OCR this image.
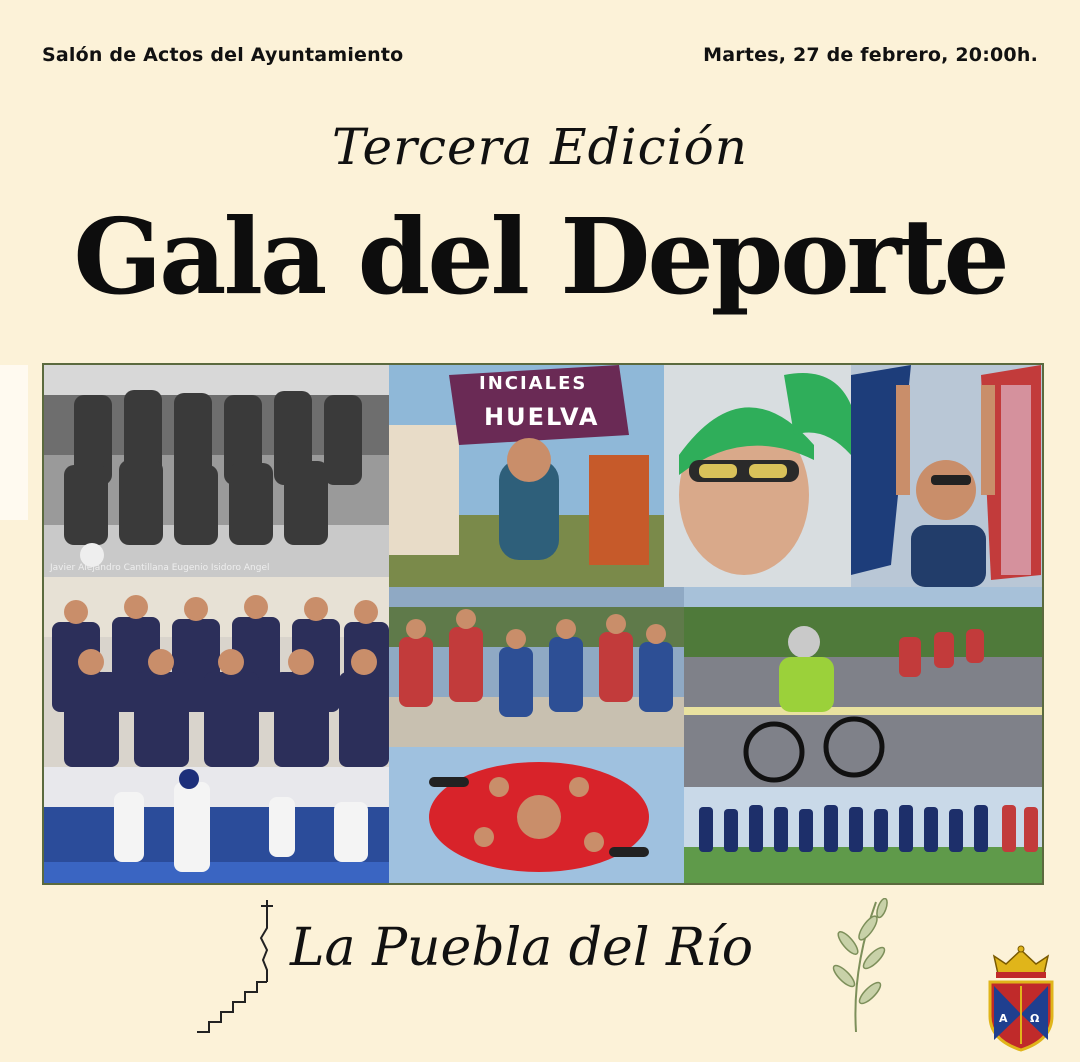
Salón de Actos del Ayuntamiento	Martes, 27 de febrero, 20:00h.
Tercera Edición
Gala del Deporte
Javier Alejandro Cantillana Eugenio Isidoro Angel
INCIALES
HUELVA
La Puebla del Río
A Ω
